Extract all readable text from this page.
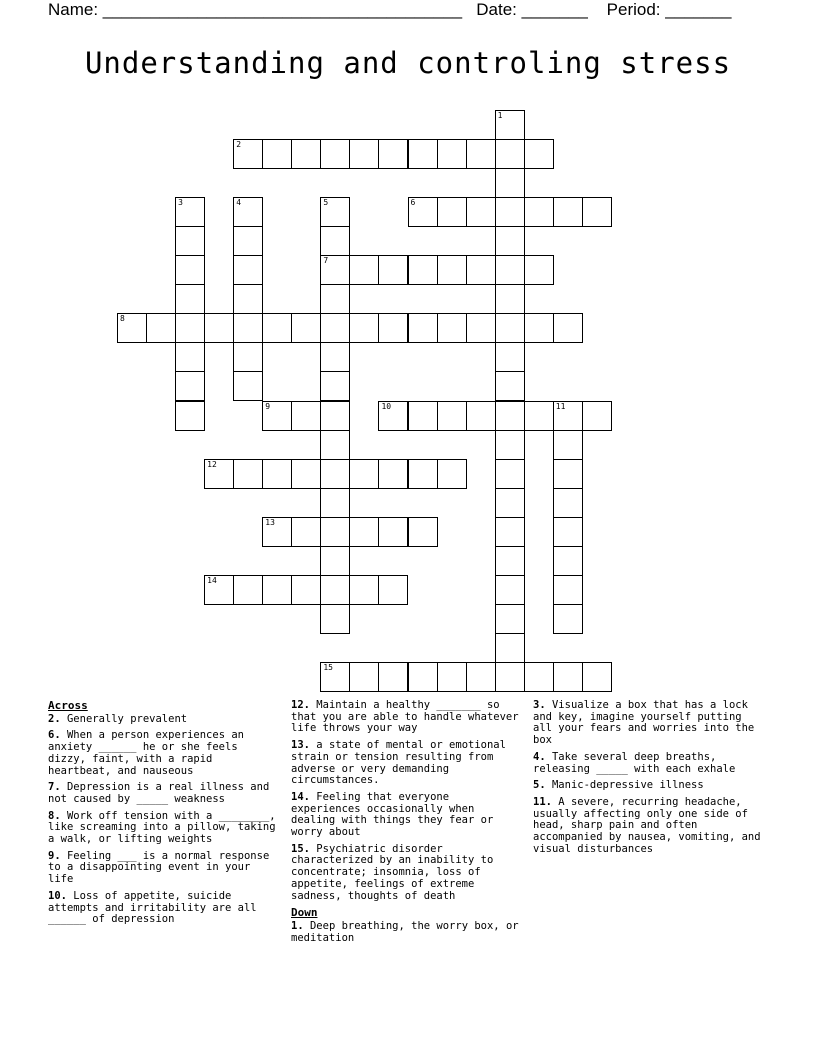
Name: ______________________________________   Date: _______    Period: _______
Understanding and controling stress
1
2
3	4	5	6
7
8
9	10	11
12
13
14
15
Across
2. Generally prevalent
6. When a person experiences an anxiety ______ he or she feels dizzy, faint, with a rapid heartbeat, and nauseous
7. Depression is a real illness and not caused by _____ weakness
8. Work off tension with a ________, like screaming into a pillow, taking a walk, or lifting weights
9. Feeling ___ is a normal response to a disappointing event in your life
10. Loss of appetite, suicide attempts and irritability are all ______ of depression
12. Maintain a healthy _______ so that you are able to handle whatever life throws your way
13. a state of mental or emotional strain or tension resulting from adverse or very demanding circumstances.
14. Feeling that everyone experiences occasionally when dealing with things they fear or worry about
15. Psychiatric disorder characterized by an inability to concentrate; insomnia, loss of appetite, feelings of extreme sadness, thoughts of death
Down
1. Deep breathing, the worry box, or meditation
3. Visualize a box that has a lock and key, imagine yourself putting all your fears and worries into the box
4. Take several deep breaths, releasing _____ with each exhale
5. Manic-depressive illness
11. A severe, recurring headache, usually affecting only one side of head, sharp pain and often accompanied by nausea, vomiting, and visual disturbances
